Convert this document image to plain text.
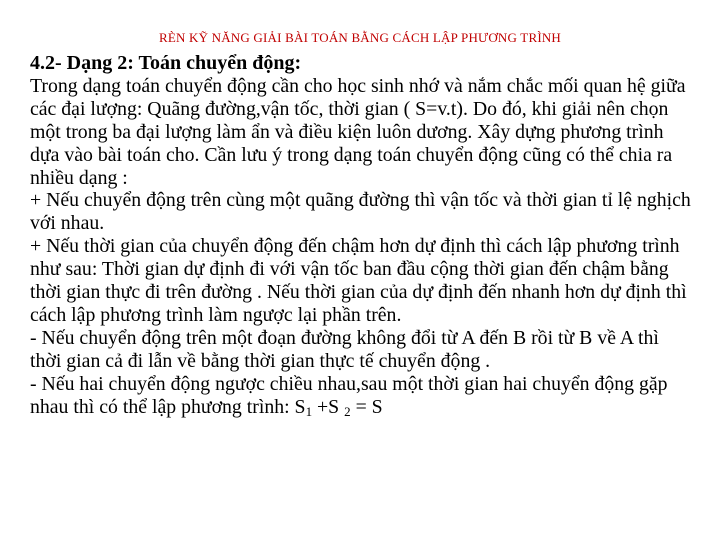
RÈN KỸ NĂNG GIẢI BÀI TOÁN BẰNG CÁCH LẬP PHƯƠNG TRÌNH
4.2- Dạng 2: Toán chuyển động:
Trong dạng toán chuyển động cần cho học sinh nhớ và nắm chắc mối quan hệ giữa các đại lượng: Quãng đường,vận tốc, thời gian ( S=v.t). Do đó, khi giải nên chọn một trong ba đại lượng làm ẩn và điều kiện luôn dương. Xây dựng phương trình dựa vào bài toán cho. Cần lưu ý trong dạng toán chuyển động cũng có thể chia ra nhiều dạng :
+ Nếu chuyển động trên cùng một quãng đường thì vận tốc và thời gian tỉ lệ nghịch với nhau.
+ Nếu thời gian của chuyển động đến chậm hơn dự định thì cách lập phương trình như sau: Thời gian dự định đi với vận tốc ban đầu cộng thời gian đến chậm bằng thời gian thực đi trên đường . Nếu thời gian của dự định đến nhanh hơn dự định thì cách lập phương trình làm ngược lại phần trên.
- Nếu chuyển động trên một đoạn đường không đổi từ A đến B rồi từ B về A thì thời gian cả đi lẫn về bằng thời gian thực tế chuyển động .
- Nếu hai chuyển động ngược chiều nhau,sau một thời gian hai chuyển động gặp nhau thì có thể lập phương trình: $S_1 +S$ $_2$ = S
